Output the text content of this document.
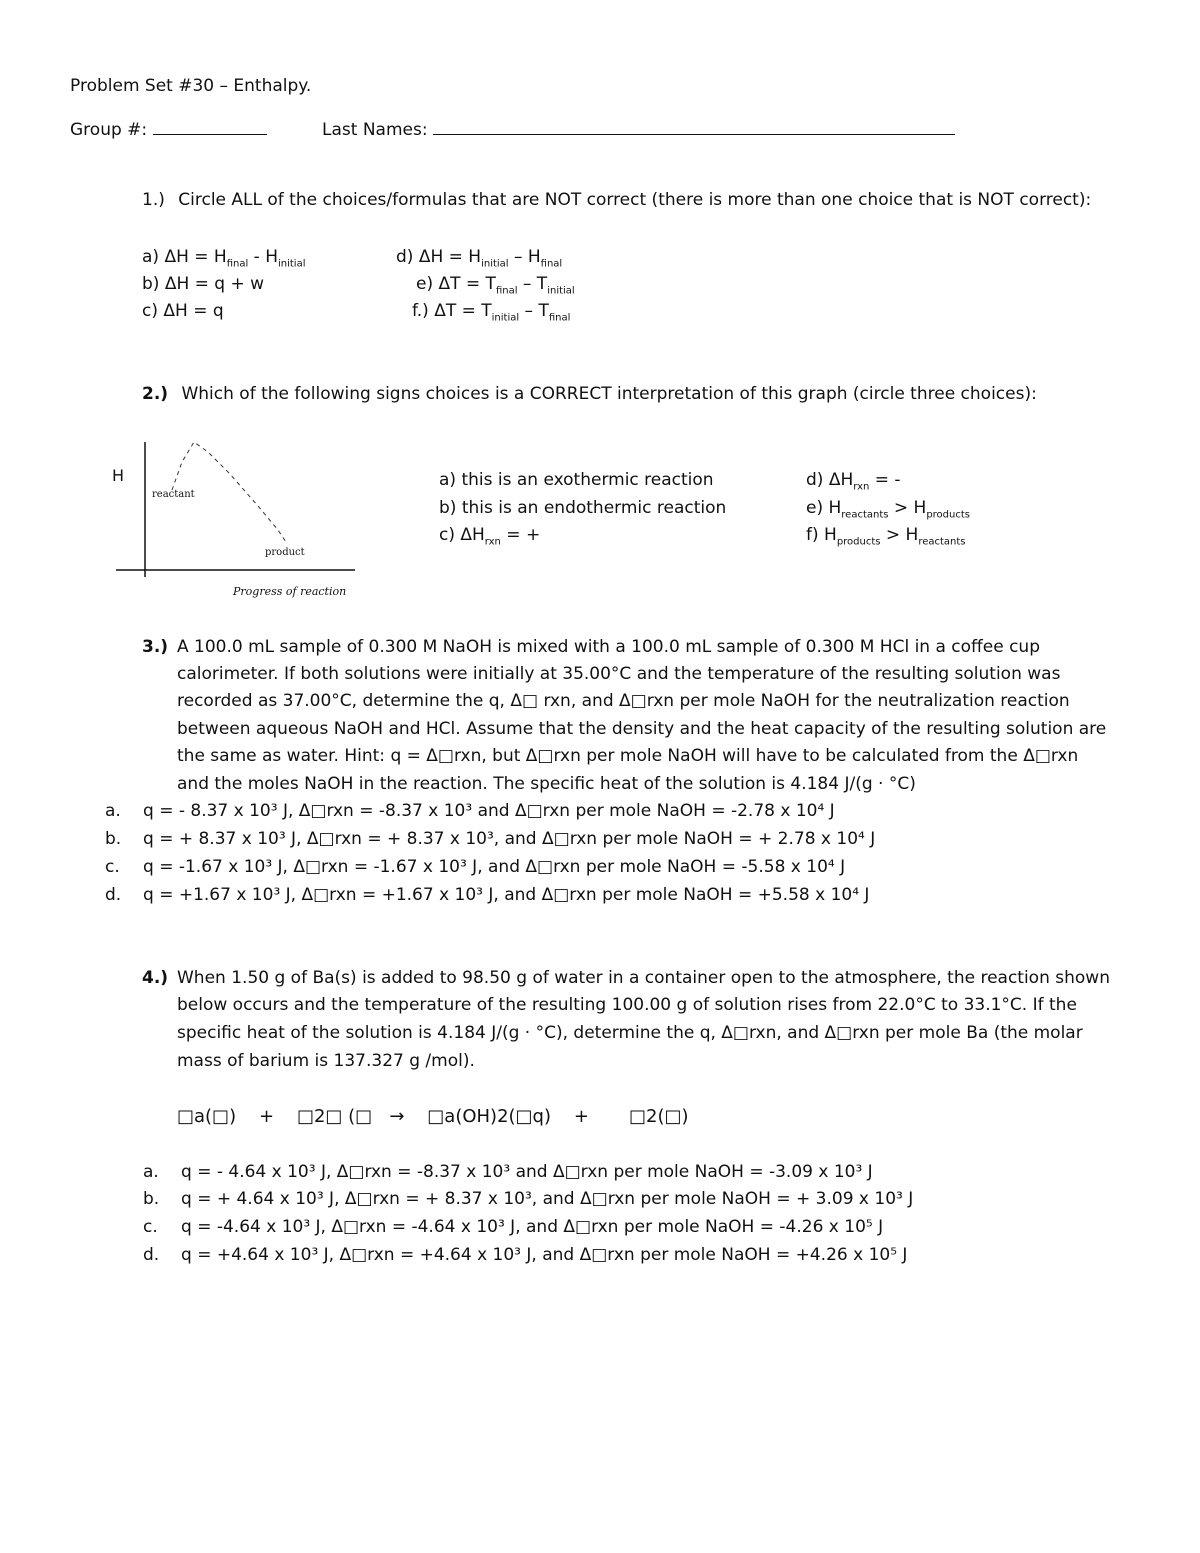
Problem Set #30 – Enthalpy.
Group #:	Last Names:
1.) Circle ALL of the choices/formulas that are NOT correct (there is more than one choice that is NOT correct):
a) $\Delta H = H_{final} - H_{initial}$
b) ΔH = q + w
c) ΔH = q
d) $\Delta H = H_{initial} - H_{final}$
e) $\Delta T = T_{final} - T_{initial}$
f.) $\Delta T = T_{initial} - T_{final}$
2.) Which of the following signs choices is a CORRECT interpretation of this graph (circle three choices):
H
reactant
product
Progress of reaction
a) this is an exothermic reaction
b) this is an endothermic reaction
c) $\Delta H_{rxn}$ = +
d) $\Delta H_{rxn}$ = -
e) $H_{reactants} > H_{products}$
f) $H_{products} > H_{reactants}$
3.) A 100.0 mL sample of 0.300 M NaOH is mixed with a 100.0 mL sample of 0.300 M HCl in a coffee cup
calorimeter. If both solutions were initially at 35.00°C and the temperature of the resulting solution was
recorded as 37.00°C, determine the q, Δ□ rxn, and Δ□rxn per mole NaOH for the neutralization reaction
between aqueous NaOH and HCl. Assume that the density and the heat capacity of the resulting solution are
the same as water. Hint: q = Δ□rxn, but Δ□rxn per mole NaOH will have to be calculated from the Δ□rxn
and the moles NaOH in the reaction. The specific heat of the solution is 4.184 J/(g · °C)
a. q = - 8.37 x 10³ J, Δ□rxn = -8.37 x 10³ and Δ□rxn per mole NaOH = -2.78 x 10⁴ J
b. q = + 8.37 x 10³ J, Δ□rxn = + 8.37 x 10³, and Δ□rxn per mole NaOH = + 2.78 x 10⁴ J
c. q = -1.67 x 10³ J, Δ□rxn = -1.67 x 10³ J, and Δ□rxn per mole NaOH = -5.58 x 10⁴ J
d. q = +1.67 x 10³ J, Δ□rxn = +1.67 x 10³ J, and Δ□rxn per mole NaOH = +5.58 x 10⁴ J
4.) When 1.50 g of Ba(s) is added to 98.50 g of water in a container open to the atmosphere, the reaction shown
below occurs and the temperature of the resulting 100.00 g of solution rises from 22.0°C to 33.1°C. If the
specific heat of the solution is 4.184 J/(g · °C), determine the q, Δ□rxn, and Δ□rxn per mole Ba (the molar
mass of barium is 137.327 g /mol).
□a(□)    +    □2□ (□   →    □a(OH)2(□q)    +       □2(□)
a. q = - 4.64 x 10³ J, Δ□rxn = -8.37 x 10³ and Δ□rxn per mole NaOH = -3.09 x 10³ J
b. q = + 4.64 x 10³ J, Δ□rxn = + 8.37 x 10³, and Δ□rxn per mole NaOH = + 3.09 x 10³ J
c. q = -4.64 x 10³ J, Δ□rxn = -4.64 x 10³ J, and Δ□rxn per mole NaOH = -4.26 x 10⁵ J
d. q = +4.64 x 10³ J, Δ□rxn = +4.64 x 10³ J, and Δ□rxn per mole NaOH = +4.26 x 10⁵ J
